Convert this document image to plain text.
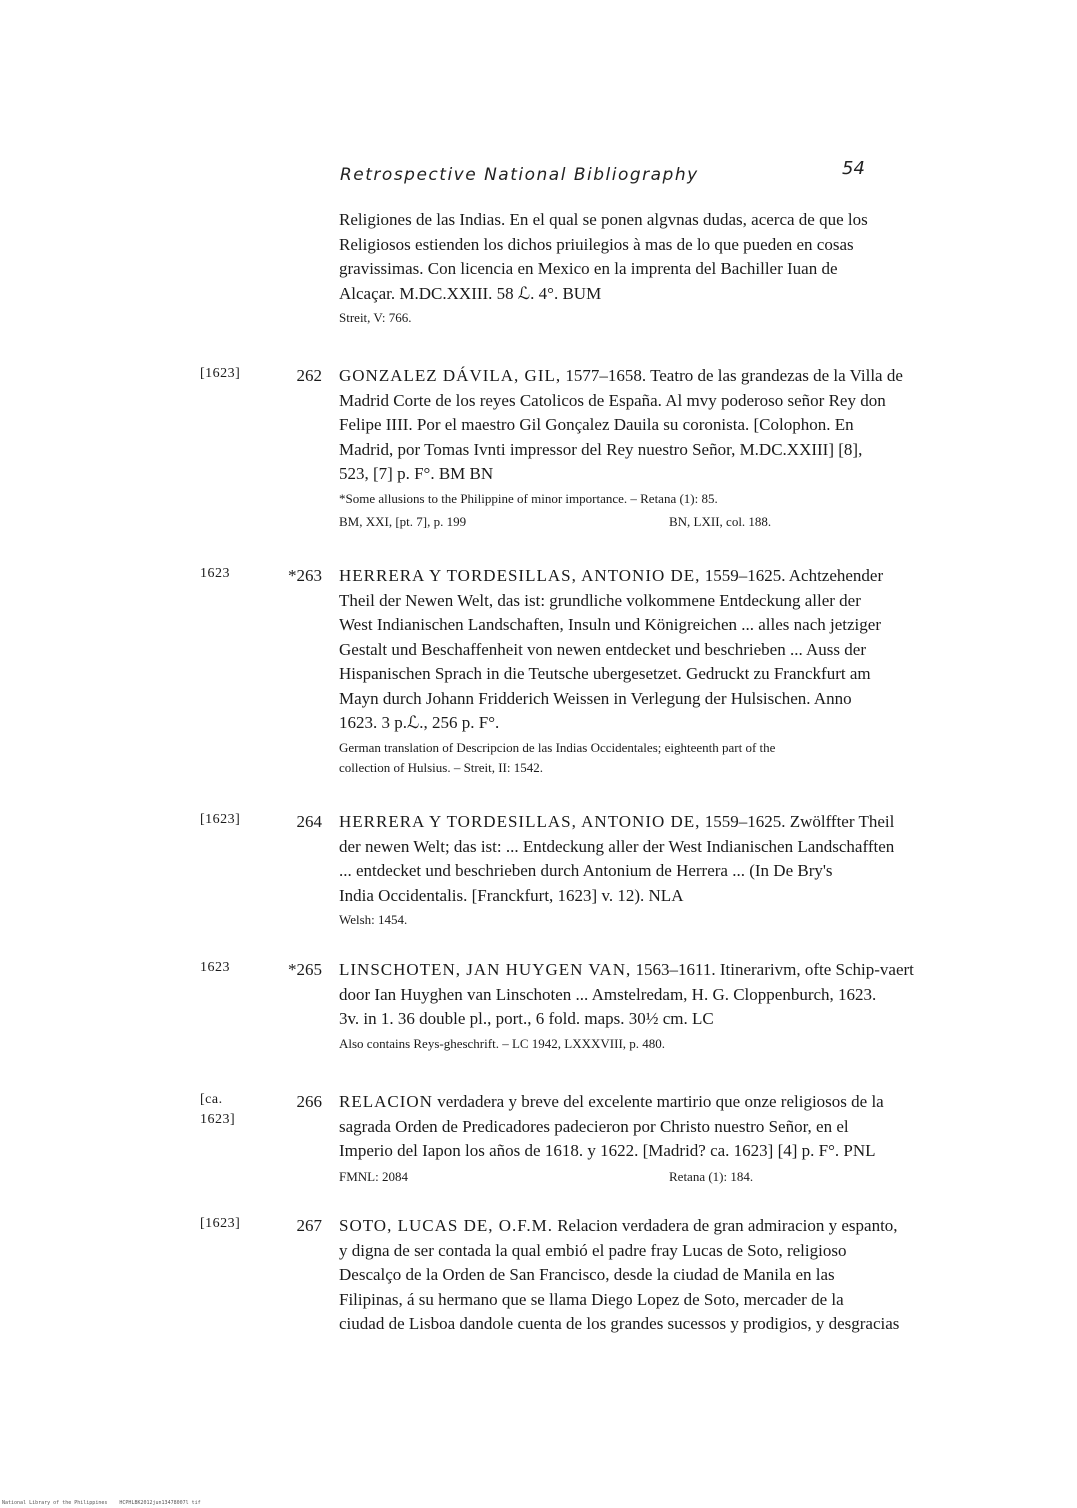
Retrospective National Bibliography	54
Religiones de las Indias. En el qual se ponen algvnas dudas, acerca de que los
Religiosos estienden los dichos priuilegios à mas de lo que pueden en cosas
gravissimas. Con licencia en Mexico en la imprenta del Bachiller Iuan de
Alcaçar. M.DC.XXIII. 58 ℒ. 4°. BUM
Streit, V: 766.
[1623]	262 GONZALEZ DÁVILA, GIL, 1577–1658. Teatro de las grandezas de la Villa de
Madrid Corte de los reyes Catolicos de España. Al mvy poderoso señor Rey don
Felipe IIII. Por el maestro Gil Gonçalez Dauila su coronista. [Colophon. En
Madrid, por Tomas Ivnti impressor del Rey nuestro Señor, M.DC.XXIII] [8],
523, [7] p. F°. BM BN
*Some allusions to the Philippine of minor importance. – Retana (1): 85.
BM, XXI, [pt. 7], p. 199	BN, LXII, col. 188.
1623	*263 HERRERA Y TORDESILLAS, ANTONIO DE, 1559–1625. Achtzehender
Theil der Newen Welt, das ist: grundliche volkommene Entdeckung aller der
West Indianischen Landschaften, Insuln und Königreichen ... alles nach jetziger
Gestalt und Beschaffenheit von newen entdecket und beschrieben ... Auss der
Hispanischen Sprach in die Teutsche ubergesetzet. Gedruckt zu Franckfurt am
Mayn durch Johann Fridderich Weissen in Verlegung der Hulsischen. Anno
1623. 3 p.ℒ., 256 p. F°.
German translation of Descripcion de las Indias Occidentales; eighteenth part of the
collection of Hulsius. – Streit, II: 1542.
[1623]	264 HERRERA Y TORDESILLAS, ANTONIO DE, 1559–1625. Zwölffter Theil
der newen Welt; das ist: ... Entdeckung aller der West Indianischen Landschafften
... entdecket und beschrieben durch Antonium de Herrera ... (In De Bry's
India Occidentalis. [Franckfurt, 1623] v. 12). NLA
Welsh: 1454.
1623	*265 LINSCHOTEN, JAN HUYGEN VAN, 1563–1611. Itinerarivm, ofte Schip-vaert
door Ian Huyghen van Linschoten ... Amstelredam, H. G. Cloppenburch, 1623.
3v. in 1. 36 double pl., port., 6 fold. maps. 30½ cm. LC
Also contains Reys-gheschrift. – LC 1942, LXXXVIII, p. 480.
[ca. 1623]
266 RELACION verdadera y breve del excelente martirio que onze religiosos de la
sagrada Orden de Predicadores padecieron por Christo nuestro Señor, en el
Imperio del Iapon los años de 1618. y 1622. [Madrid? ca. 1623] [4] p. F°. PNL
FMNL: 2084	Retana (1): 184.
[1623]	267 SOTO, LUCAS DE, O.F.M. Relacion verdadera de gran admiracion y espanto,
y digna de ser contada la qual embió el padre fray Lucas de Soto, religioso
Descalço de la Orden de San Francisco, desde la ciudad de Manila en las
Filipinas, á su hermano que se llama Diego Lopez de Soto, mercader de la
ciudad de Lisboa dandole cuenta de los grandes sucessos y prodigios, y desgracias
National Library of the Philippines    HCPHLBK2012jun13478007l tif
